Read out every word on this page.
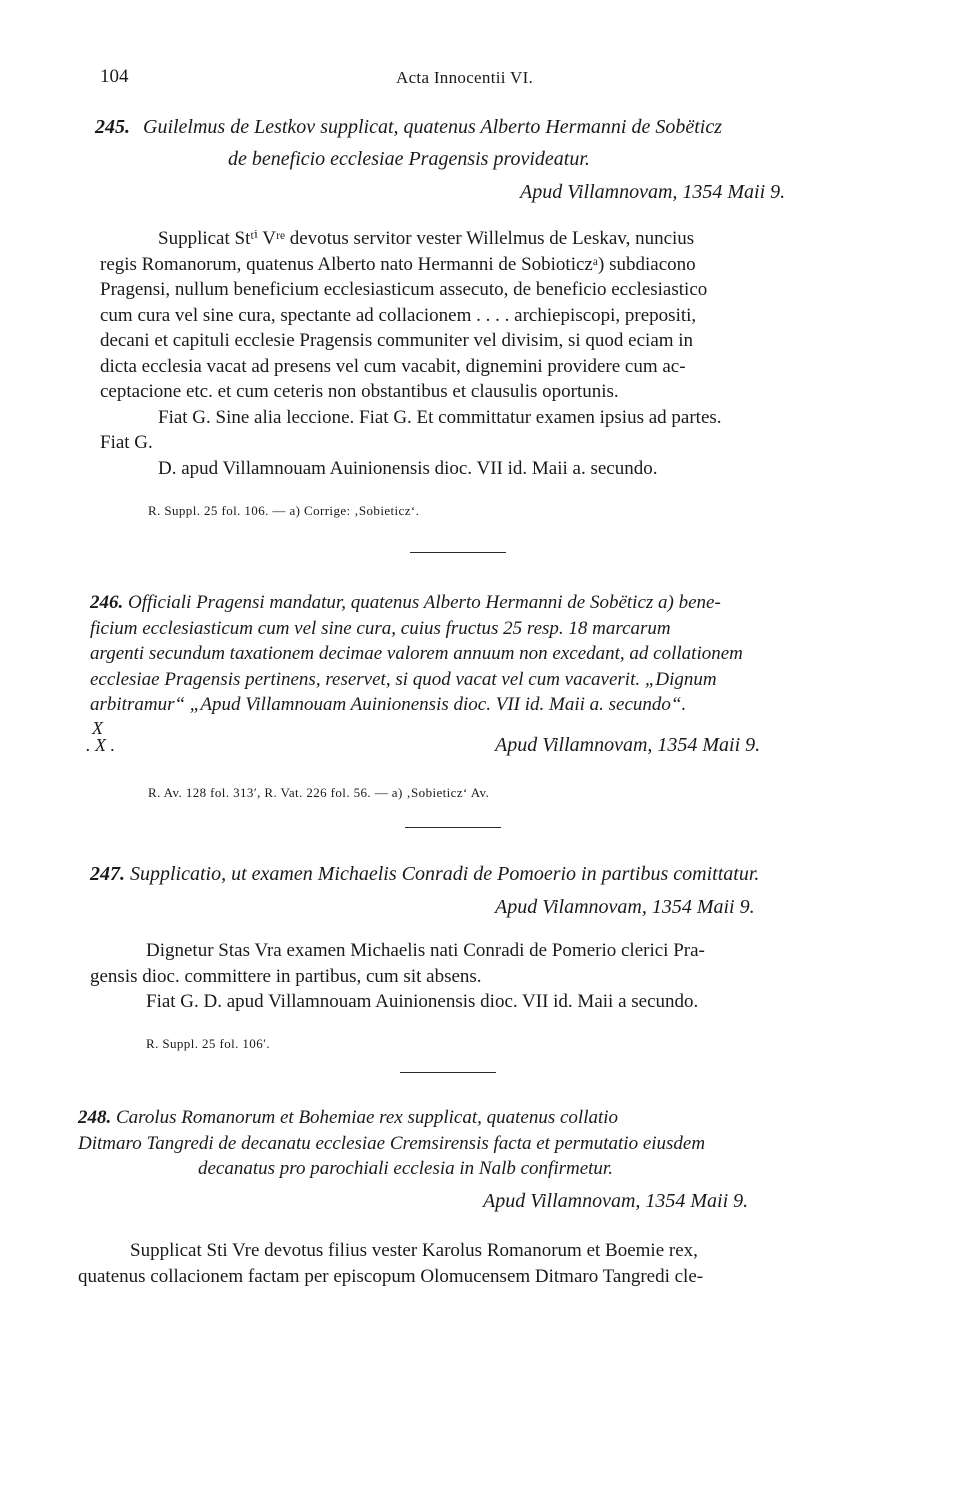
104	Acta Innocentii VI.
245. Guilelmus de Lestkov supplicat, quatenus Alberto Hermanni de Sobëticz
de beneficio ecclesiae Pragensis provideatur.
Apud Villamnovam, 1354 Maii 9.
Supplicat Stᵗⁱ Vʳᵉ devotus servitor vester Willelmus de Leskav, nuncius
regis Romanorum, quatenus Alberto nato Hermanni de Sobioticzᵃ) subdiacono
Pragensi, nullum beneficium ecclesiasticum assecuto, de beneficio ecclesiastico
cum cura vel sine cura, spectante ad collacionem . . . . archiepiscopi, prepositi,
decani et capituli ecclesie Pragensis communiter vel divisim, si quod eciam in
dicta ecclesia vacat ad presens vel cum vacabit, dignemini providere cum ac-
ceptacione etc. et cum ceteris non obstantibus et clausulis oportunis.
Fiat G. Sine alia leccione. Fiat G. Et committatur examen ipsius ad partes.
Fiat G.
D. apud Villamnouam Auinionensis dioc. VII id. Maii a. secundo.
R. Suppl. 25 fol. 106. — a) Corrige: ‚Sobieticz‘.
246. Officiali Pragensi mandatur, quatenus Alberto Hermanni de Sobëticz a) bene-
ficium ecclesiasticum cum vel sine cura, cuius fructus 25 resp. 18 marcarum
argenti secundum taxationem decimae valorem annuum non excedant, ad collationem
ecclesiae Pragensis pertinens, reservet, si quod vacat vel cum vacaverit. „Dignum
arbitramur“ „Apud Villamnouam Auinionensis dioc. VII id. Maii a. secundo“.
X
. X .	Apud Villamnovam, 1354 Maii 9.
R. Av. 128 fol. 313′, R. Vat. 226 fol. 56. — a) ‚Sobieticz‘ Av.
247. Supplicatio, ut examen Michaelis Conradi de Pomoerio in partibus comittatur.
Apud Vilamnovam, 1354 Maii 9.
Dignetur Stas Vra examen Michaelis nati Conradi de Pomerio clerici Pra-
gensis dioc. committere in partibus, cum sit absens.
Fiat G. D. apud Villamnouam Auinionensis dioc. VII id. Maii a secundo.
R. Suppl. 25 fol. 106′.
248. Carolus Romanorum et Bohemiae rex supplicat, quatenus collatio
Ditmaro Tangredi de decanatu ecclesiae Cremsirensis facta et permutatio eiusdem
decanatus pro parochiali ecclesia in Nalb confirmetur.
Apud Villamnovam, 1354 Maii 9.
Supplicat Sti Vre devotus filius vester Karolus Romanorum et Boemie rex,
quatenus collacionem factam per episcopum Olomucensem Ditmaro Tangredi cle-
